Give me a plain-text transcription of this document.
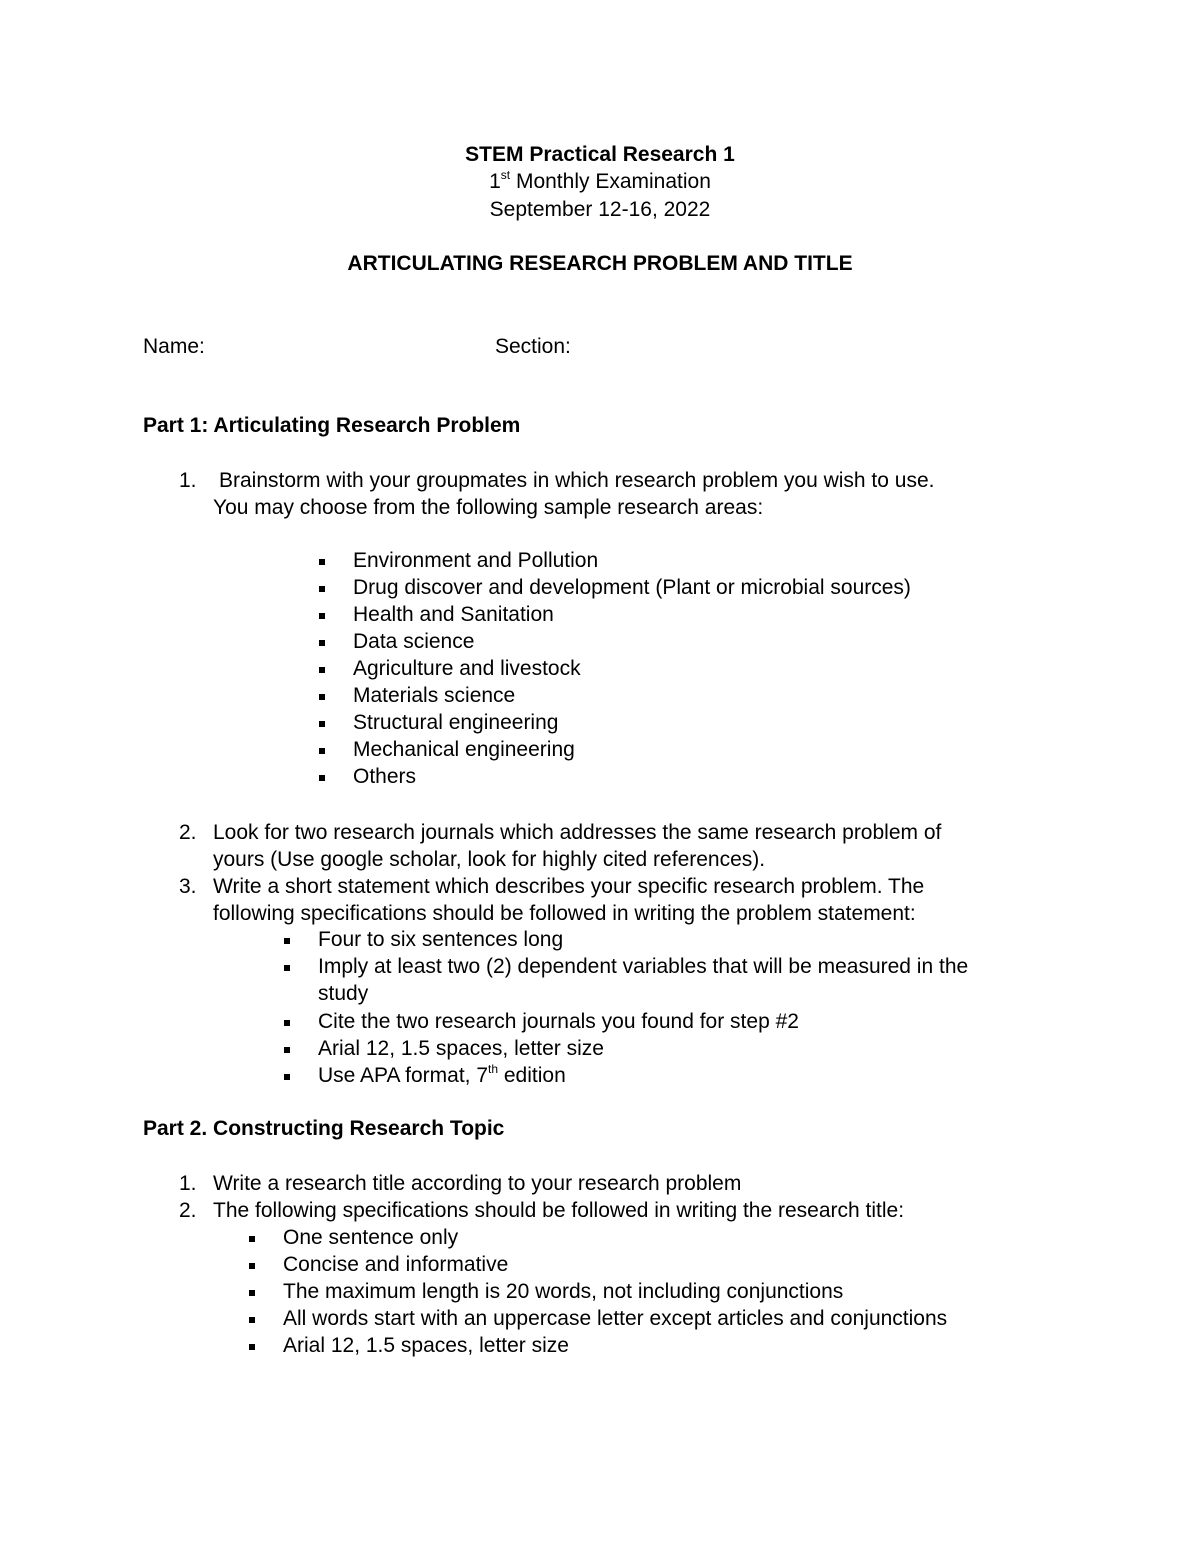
STEM Practical Research 1
1st Monthly Examination
September 12-16, 2022
ARTICULATING RESEARCH PROBLEM AND TITLE
Name:	Section:
Part 1: Articulating Research Problem
1. Brainstorm with your groupmates in which research problem you wish to use.
You may choose from the following sample research areas:
Environment and Pollution
Drug discover and development (Plant or microbial sources)
Health and Sanitation
Data science
Agriculture and livestock
Materials science
Structural engineering
Mechanical engineering
Others
2. Look for two research journals which addresses the same research problem of
yours (Use google scholar, look for highly cited references).
3. Write a short statement which describes your specific research problem. The
following specifications should be followed in writing the problem statement:
Four to six sentences long
Imply at least two (2) dependent variables that will be measured in the
study
Cite the two research journals you found for step #2
Arial 12, 1.5 spaces, letter size
Use APA format, 7th edition
Part 2. Constructing Research Topic
1. Write a research title according to your research problem
2. The following specifications should be followed in writing the research title:
One sentence only
Concise and informative
The maximum length is 20 words, not including conjunctions
All words start with an uppercase letter except articles and conjunctions
Arial 12, 1.5 spaces, letter size
